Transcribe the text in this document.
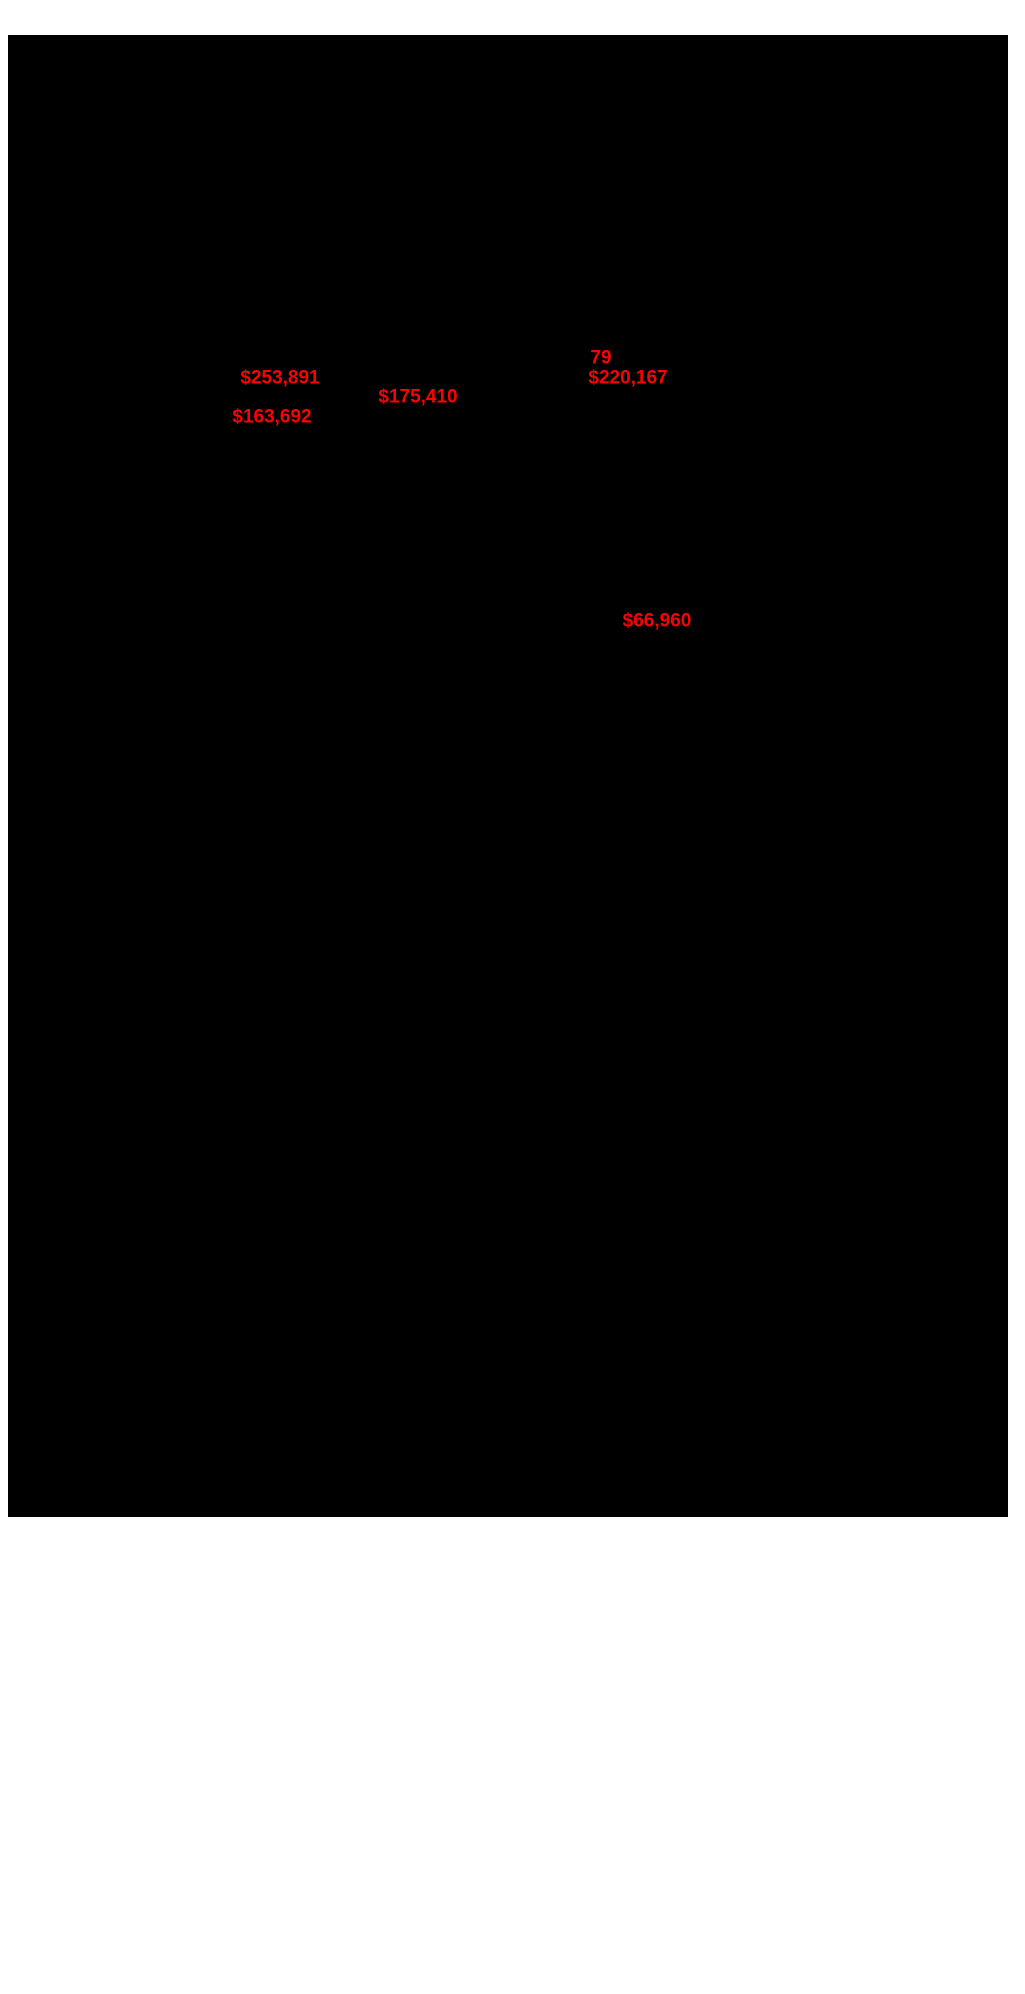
$253,891
$163,692
$175,410
79
$220,167
$66,960
